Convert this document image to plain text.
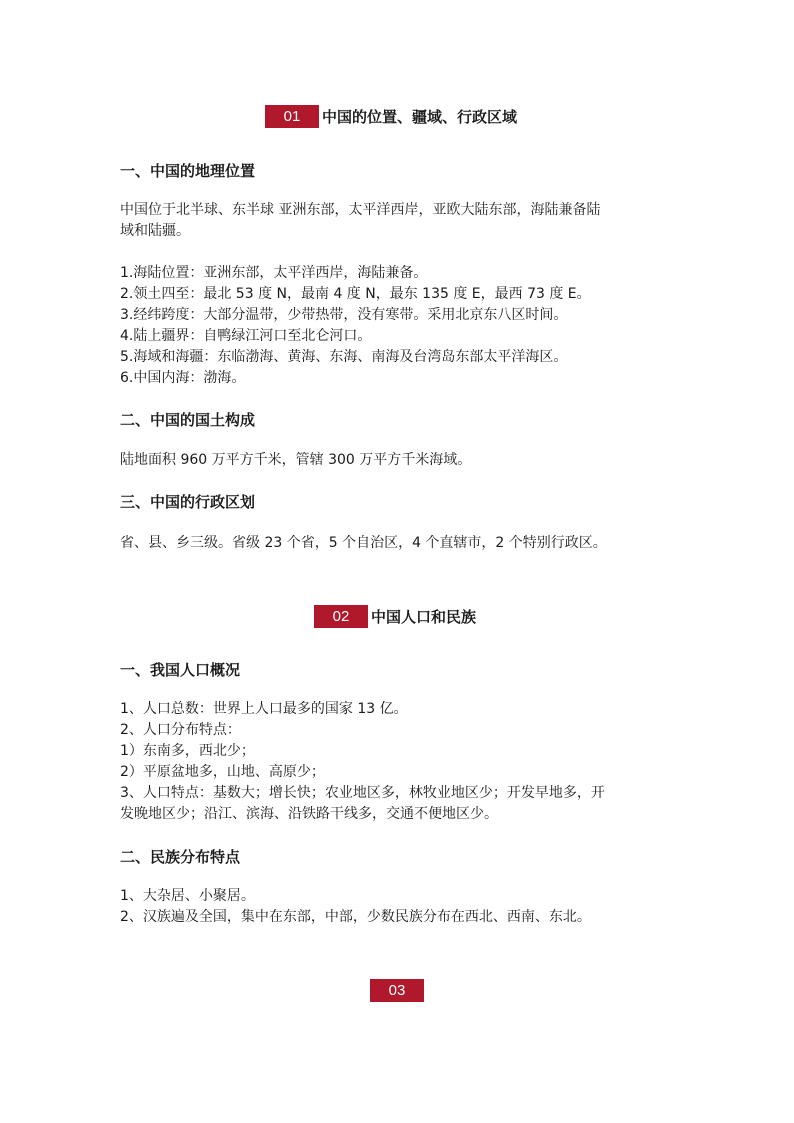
01	中国的位置、疆域、行政区域
一、中国的地理位置
中国位于北半球、东半球 亚洲东部，太平洋西岸，亚欧大陆东部，海陆兼备陆
域和陆疆。
1.海陆位置：亚洲东部，太平洋西岸，海陆兼备。
2.领土四至：最北 53 度 N，最南 4 度 N，最东 135 度 E，最西 73 度 E。
3.经纬跨度：大部分温带，少带热带，没有寒带。采用北京东八区时间。
4.陆上疆界：自鸭绿江河口至北仑河口。
5.海域和海疆：东临渤海、黄海、东海、南海及台湾岛东部太平洋海区。
6.中国内海：渤海。
二、中国的国土构成
陆地面积 960 万平方千米，管辖 300 万平方千米海域。
三、中国的行政区划
省、县、乡三级。省级 23 个省，5 个自治区，4 个直辖市，2 个特别行政区。
02	中国人口和民族
一、我国人口概况
1、人口总数：世界上人口最多的国家 13 亿。
2、人口分布特点：
1）东南多，西北少；
2）平原盆地多，山地、高原少；
3、人口特点：基数大；增长快；农业地区多，林牧业地区少；开发早地多，开
发晚地区少；沿江、滨海、沿铁路干线多，交通不便地区少。
二、民族分布特点
1、大杂居、小聚居。
2、汉族遍及全国，集中在东部，中部，少数民族分布在西北、西南、东北。
03
